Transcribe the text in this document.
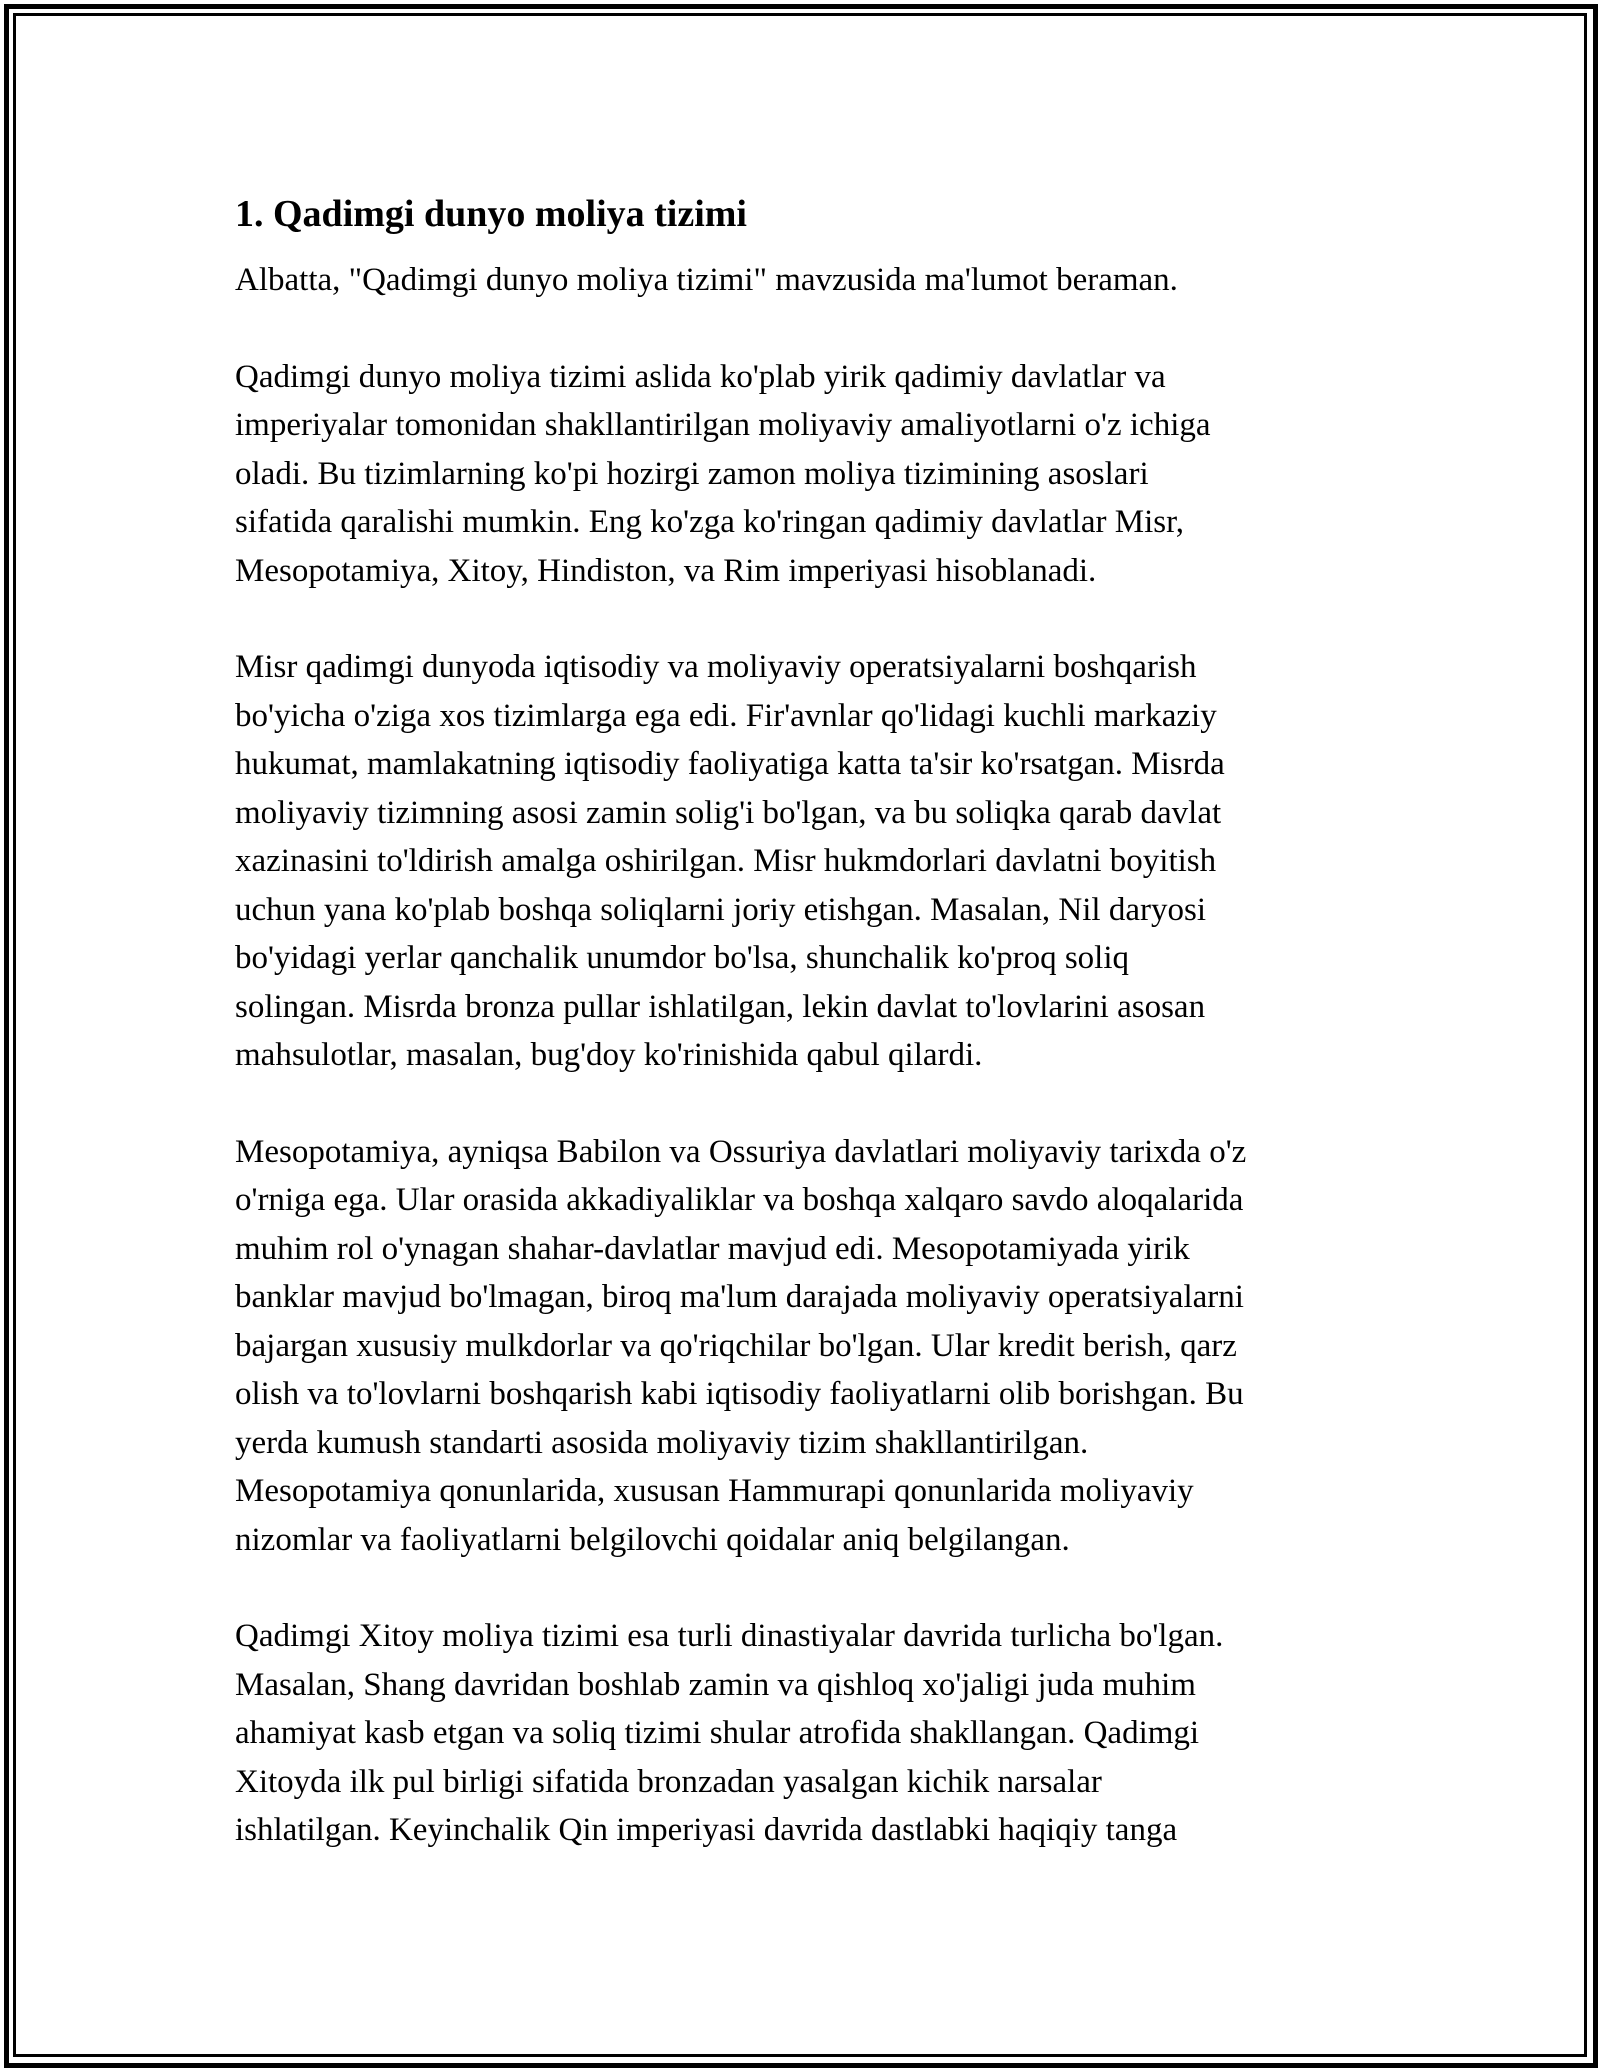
1. Qadimgi dunyo moliya tizimi

Albatta, "Qadimgi dunyo moliya tizimi" mavzusida ma'lumot beraman.

Qadimgi dunyo moliya tizimi aslida ko'plab yirik qadimiy davlatlar va
imperiyalar tomonidan shakllantirilgan moliyaviy amaliyotlarni o'z ichiga
oladi. Bu tizimlarning ko'pi hozirgi zamon moliya tizimining asoslari
sifatida qaralishi mumkin. Eng ko'zga ko'ringan qadimiy davlatlar Misr,
Mesopotamiya, Xitoy, Hindiston, va Rim imperiyasi hisoblanadi.

Misr qadimgi dunyoda iqtisodiy va moliyaviy operatsiyalarni boshqarish
bo'yicha o'ziga xos tizimlarga ega edi. Fir'avnlar qo'lidagi kuchli markaziy
hukumat, mamlakatning iqtisodiy faoliyatiga katta ta'sir ko'rsatgan. Misrda
moliyaviy tizimning asosi zamin solig'i bo'lgan, va bu soliqka qarab davlat
xazinasini to'ldirish amalga oshirilgan. Misr hukmdorlari davlatni boyitish
uchun yana ko'plab boshqa soliqlarni joriy etishgan. Masalan, Nil daryosi
bo'yidagi yerlar qanchalik unumdor bo'lsa, shunchalik ko'proq soliq
solingan. Misrda bronza pullar ishlatilgan, lekin davlat to'lovlarini asosan
mahsulotlar, masalan, bug'doy ko'rinishida qabul qilardi.

Mesopotamiya, ayniqsa Babilon va Ossuriya davlatlari moliyaviy tarixda o'z
o'rniga ega. Ular orasida akkadiyaliklar va boshqa xalqaro savdo aloqalarida
muhim rol o'ynagan shahar-davlatlar mavjud edi. Mesopotamiyada yirik
banklar mavjud bo'lmagan, biroq ma'lum darajada moliyaviy operatsiyalarni
bajargan xususiy mulkdorlar va qo'riqchilar bo'lgan. Ular kredit berish, qarz
olish va to'lovlarni boshqarish kabi iqtisodiy faoliyatlarni olib borishgan. Bu
yerda kumush standarti asosida moliyaviy tizim shakllantirilgan.
Mesopotamiya qonunlarida, xususan Hammurapi qonunlarida moliyaviy
nizomlar va faoliyatlarni belgilovchi qoidalar aniq belgilangan.

Qadimgi Xitoy moliya tizimi esa turli dinastiyalar davrida turlicha bo'lgan.
Masalan, Shang davridan boshlab zamin va qishloq xo'jaligi juda muhim
ahamiyat kasb etgan va soliq tizimi shular atrofida shakllangan. Qadimgi
Xitoyda ilk pul birligi sifatida bronzadan yasalgan kichik narsalar
ishlatilgan. Keyinchalik Qin imperiyasi davrida dastlabki haqiqiy tanga
